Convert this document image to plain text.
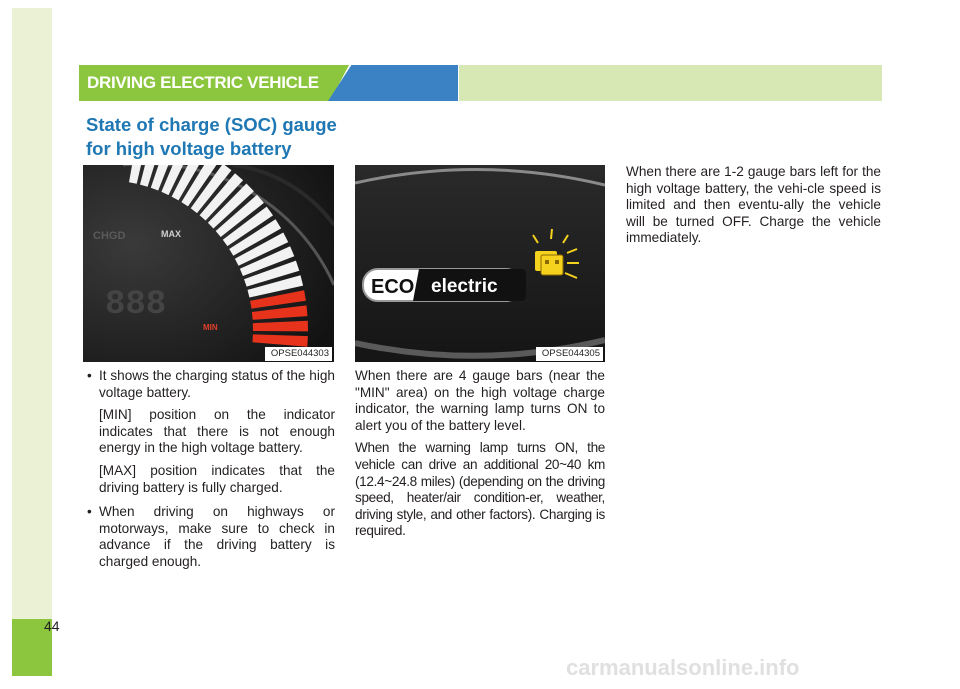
44
DRIVING ELECTRIC VEHICLE
State of charge (SOC) gauge
for high voltage battery
CHGD	MAX
MIN
888
OPSE044303
ECO electric
OPSE044305
• It shows the charging status of the high voltage battery.

[MIN] position on the indicator indicates that there is not enough energy in the high voltage battery.

[MAX] position indicates that the driving battery is fully charged.

• When driving on highways or motorways, make sure to check in advance if the driving battery is charged enough.

When there are 4 gauge bars (near the "MIN" area) on the high voltage charge indicator, the warning lamp turns ON to alert you of the battery level.

When the warning lamp turns ON, the vehicle can drive an additional 20~40 km (12.4~24.8 miles) (depending on the driving speed, heater/air condition-er, weather, driving style, and other factors). Charging is required.

When there are 1-2 gauge bars left for the high voltage battery, the vehi-cle speed is limited and then eventu-ally the vehicle will be turned OFF. Charge the vehicle immediately.

carmanualsonline.info
